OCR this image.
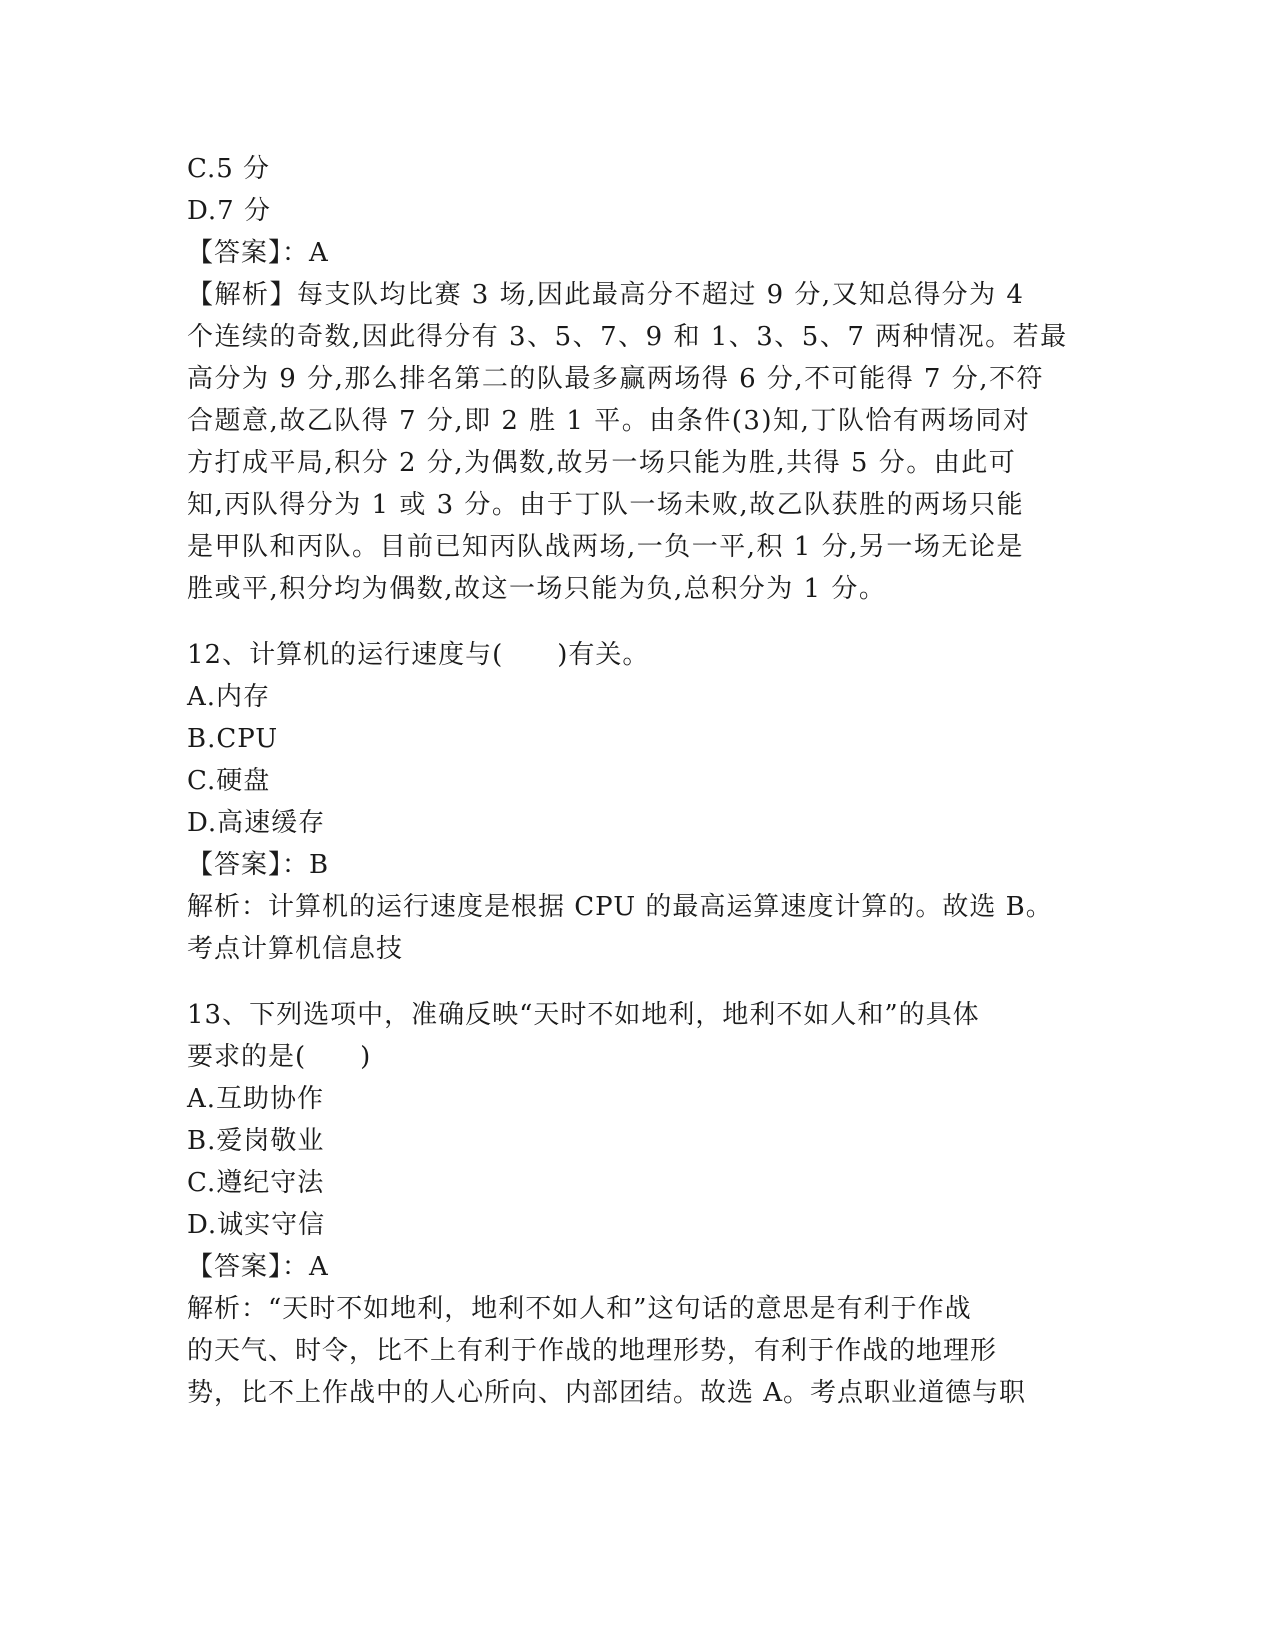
C.5 分
D.7 分
【答案】：A
【解析】每支队均比赛 3 场,因此最高分不超过 9 分,又知总得分为 4
个连续的奇数,因此得分有 3、5、7、9 和 1、3、5、7 两种情况。若最
高分为 9 分,那么排名第二的队最多赢两场得 6 分,不可能得 7 分,不符
合题意,故乙队得 7 分,即 2 胜 1 平。由条件(3)知,丁队恰有两场同对
方打成平局,积分 2 分,为偶数,故另一场只能为胜,共得 5 分。由此可
知,丙队得分为 1 或 3 分。由于丁队一场未败,故乙队获胜的两场只能
是甲队和丙队。目前已知丙队战两场,一负一平,积 1 分,另一场无论是
胜或平,积分均为偶数,故这一场只能为负,总积分为 1 分。
12、计算机的运行速度与(　　)有关。
A.内存
B.CPU
C.硬盘
D.高速缓存
【答案】：B
解析：计算机的运行速度是根据 CPU 的最高运算速度计算的。故选 B。
考点计算机信息技
13、下列选项中，准确反映“天时不如地利，地利不如人和”的具体
要求的是(　　)
A.互助协作
B.爱岗敬业
C.遵纪守法
D.诚实守信
【答案】：A
解析：“天时不如地利，地利不如人和”这句话的意思是有利于作战
的天气、时令，比不上有利于作战的地理形势，有利于作战的地理形
势，比不上作战中的人心所向、内部团结。故选 A。考点职业道德与职
